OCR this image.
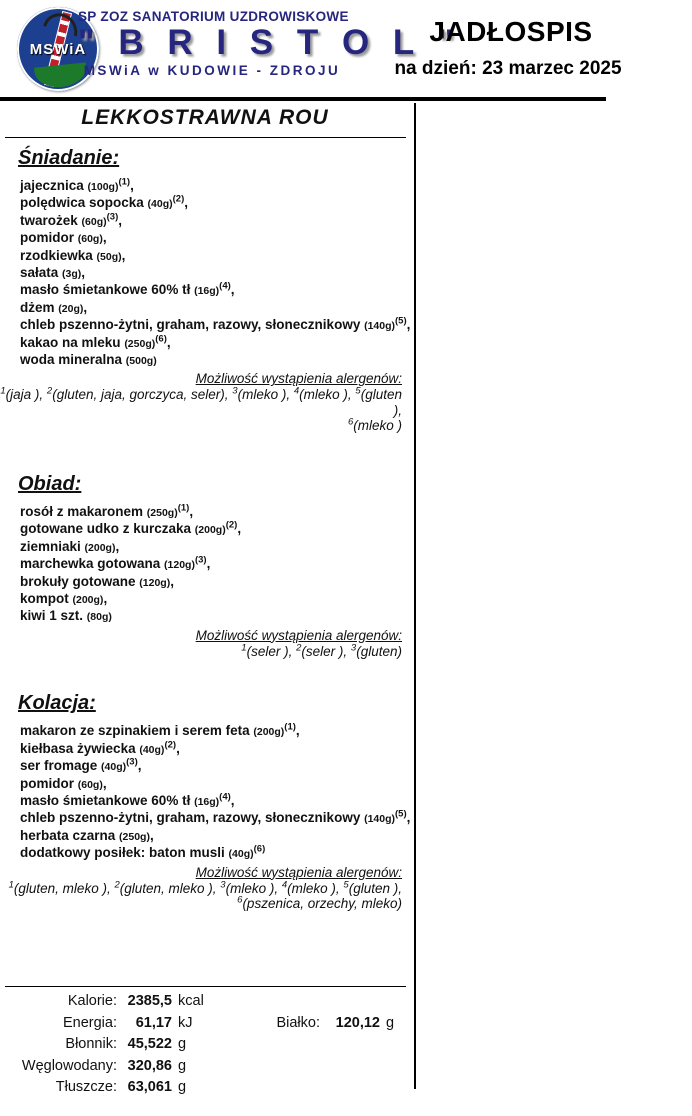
MSWiA
SP ZOZ SANATORIUM UZDROWISKOWE
" B R I S T O L "
MSWiA w KUDOWIE - ZDROJU
JADŁOSPIS
na dzień: 23 marzec 2025
LEKKOSTRAWNA ROU
Śniadanie:
jajecznica $(100g)^{(1)}$,
polędwica sopocka $(40g)^{(2)}$,
twarożek $(60g)^{(3)}$,
pomidor (60g),
rzodkiewka (50g),
sałata (3g),
masło śmietankowe 60% tł $(16g)^{(4)}$,
dżem (20g),
chleb pszenno-żytni, graham, razowy, słonecznikowy $(140g)^{(5)}$,
kakao na mleku $(250g)^{(6)}$,
woda mineralna (500g)
Możliwość wystąpienia alergenów:
$^1$(jaja ), $^2$(gluten, jaja, gorczyca, seler), $^3$(mleko ), $^4$(mleko ), $^5$(gluten ),
$^6$(mleko )
Obiad:
rosół z makaronem $(250g)^{(1)}$,
gotowane udko z kurczaka $(200g)^{(2)}$,
ziemniaki (200g),
marchewka gotowana $(120g)^{(3)}$,
brokuły gotowane (120g),
kompot (200g),
kiwi 1 szt. (80g)
Możliwość wystąpienia alergenów:
$^1$(seler ), $^2$(seler ), $^3$(gluten)
Kolacja:
makaron ze szpinakiem i serem feta $(200g)^{(1)}$,
kiełbasa żywiecka $(40g)^{(2)}$,
ser fromage $(40g)^{(3)}$,
pomidor (60g),
masło śmietankowe 60% tł $(16g)^{(4)}$,
chleb pszenno-żytni, graham, razowy, słonecznikowy $(140g)^{(5)}$,
herbata czarna (250g),
dodatkowy posiłek: baton musli $(40g)^{(6)}$
Możliwość wystąpienia alergenów:
$^1$(gluten, mleko ), $^2$(gluten, mleko ), $^3$(mleko ), $^4$(mleko ), $^5$(gluten ),
$^6$(pszenica, orzechy, mleko)
Kalorie: 2385,5 kcal
Energia:	61,17 kJ	Białko:	120,12 g
Błonnik: 45,522 g
Węglowodany: 320,86 g
Tłuszcze: 63,061 g
